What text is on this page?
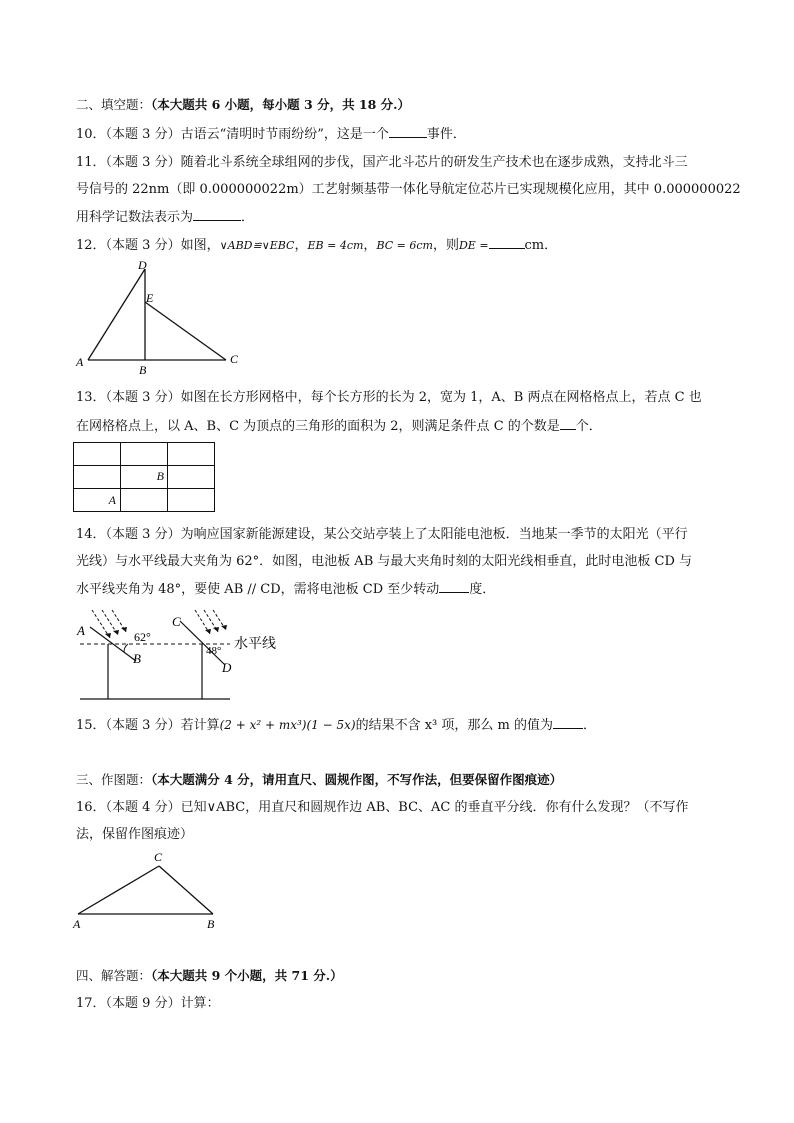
二、填空题：（本大题共 6 小题，每小题 3 分，共 18 分.）
10．（本题 3 分）古语云“清明时节雨纷纷”，这是一个	事件．
11．（本题 3 分）随着北斗系统全球组网的步伐，国产北斗芯片的研发生产技术也在逐步成熟，支持北斗三
号信号的 22nm（即 0.000000022m）工艺射频基带一体化导航定位芯片已实现规模化应用，其中 0.000000022
用科学记数法表示为	．
12．（本题 3 分）如图，∨ABD≌∨EBC，EB = 4cm，BC = 6cm，则DE =	cm．
D
E
A
B
C
13．（本题 3 分）如图在长方形网格中，每个长方形的长为 2，宽为 1，A、B 两点在网格格点上，若点 C 也
在网格格点上，以 A、B、C 为顶点的三角形的面积为 2，则满足条件点 C 的个数是 个．

	B	

A		

14．（本题 3 分）为响应国家新能源建设，某公交站亭装上了太阳能电池板．当地某一季节的太阳光（平行
光线）与水平线最大夹角为 62°．如图，电池板 AB 与最大夹角时刻的太阳光线相垂直，此时电池板 CD 与
水平线夹角为 48°，要使 AB // CD，需将电池板 CD 至少转动 度．
A
B
C
D
62°
48° 水平线
15．（本题 3 分）若计算(2 + x² + mx³)(1 − 5x)的结果不含 x³ 项，那么 m 的值为 ．
三、作图题：（本大题满分 4 分，请用直尺、圆规作图，不写作法，但要保留作图痕迹）
16．（本题 4 分）已知∨ABC，用直尺和圆规作边 AB、BC、AC 的垂直平分线．你有什么发现？（不写作
法，保留作图痕迹）
C
A	B
四、解答题：（本大题共 9 个小题，共 71 分.）
17．（本题 9 分）计算：
